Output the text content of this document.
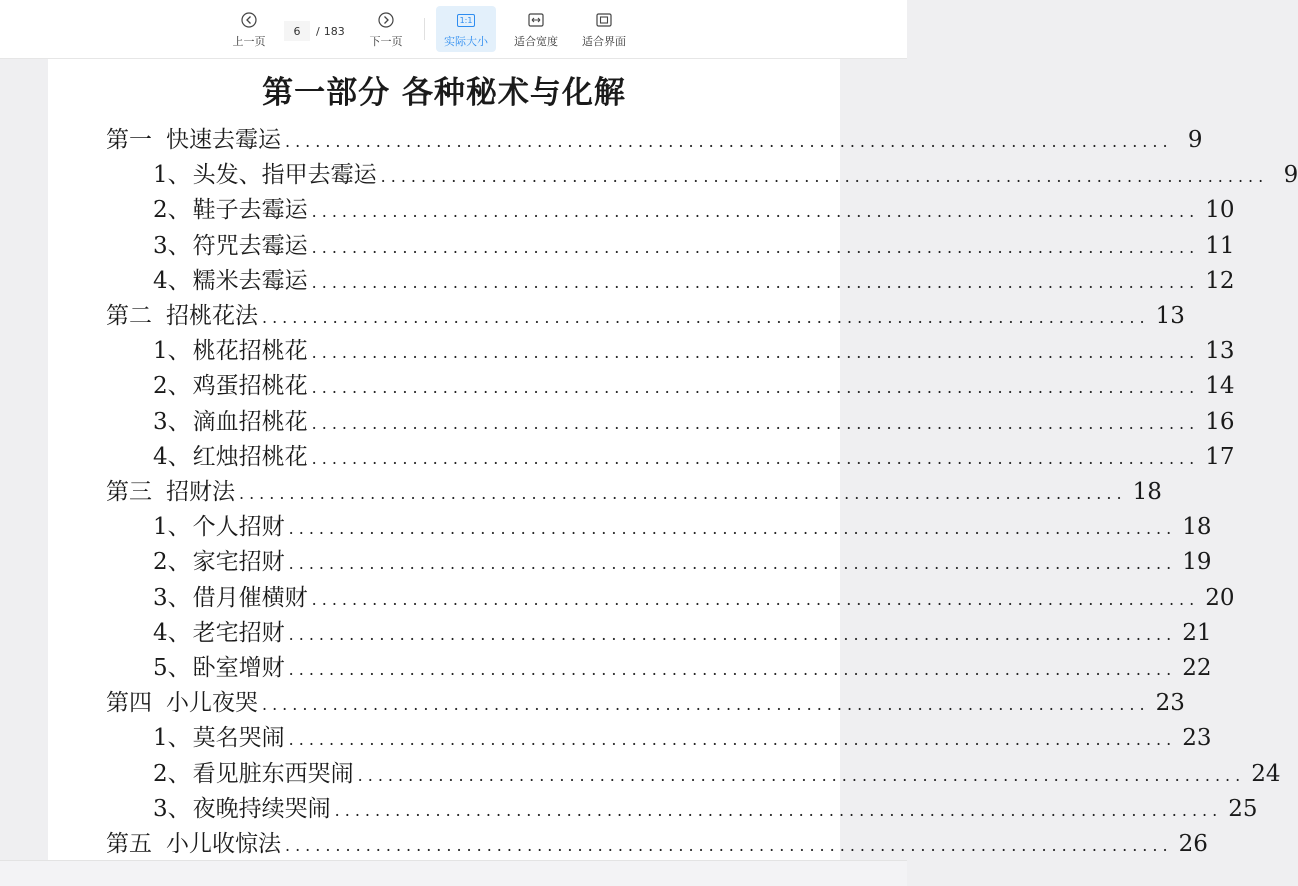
上一页
6
/ 183
下一页
1:1
实际大小 适合宽度 适合界面
第一部分 各种秘术与化解
第一 快速去霉运 ........................................................................................ 9
1、 头发、指甲去霉运 ........................................................................................ 9
2、 鞋子去霉运 ........................................................................................ 10
3、 符咒去霉运 ........................................................................................ 11
4、 糯米去霉运 ........................................................................................ 12
第二 招桃花法 ........................................................................................ 13
1、 桃花招桃花 ........................................................................................ 13
2、 鸡蛋招桃花 ........................................................................................ 14
3、 滴血招桃花 ........................................................................................ 16
4、 红烛招桃花 ........................................................................................ 17
第三 招财法 ........................................................................................ 18
1、 个人招财 ........................................................................................ 18
2、 家宅招财 ........................................................................................ 19
3、 借月催横财 ........................................................................................ 20
4、 老宅招财 ........................................................................................ 21
5、 卧室增财 ........................................................................................ 22
第四 小儿夜哭 ........................................................................................ 23
1、 莫名哭闹 ........................................................................................ 23
2、 看见脏东西哭闹 ........................................................................................ 24
3、 夜晚持续哭闹 ........................................................................................ 25
第五 小儿收惊法 ........................................................................................ 26
